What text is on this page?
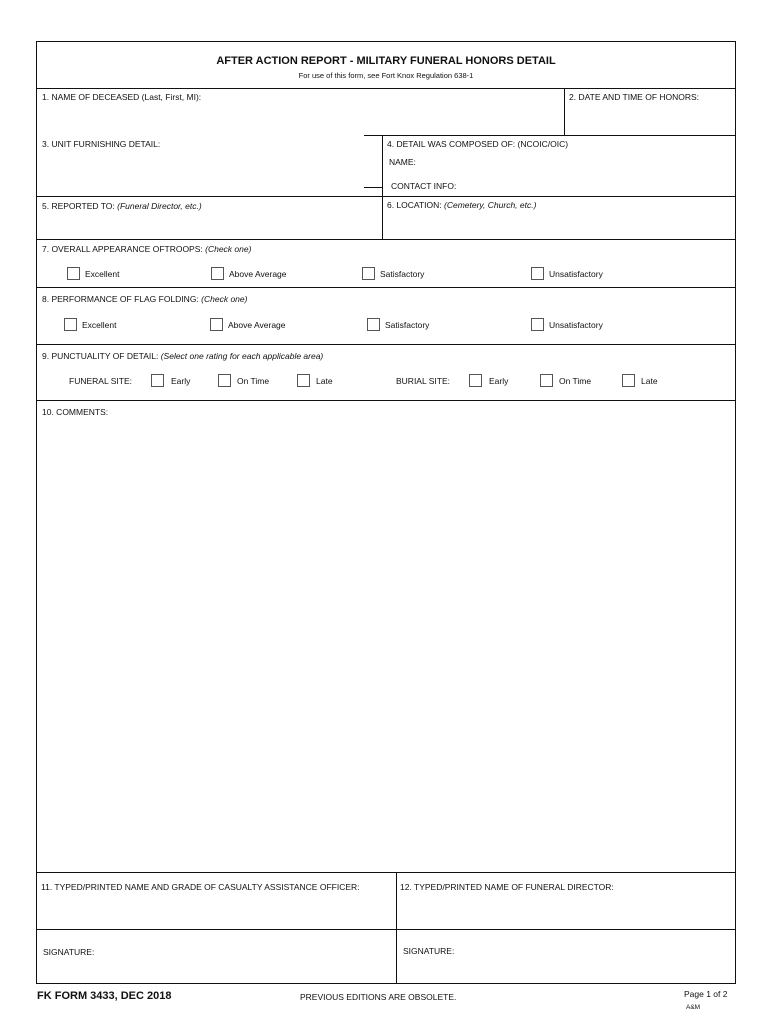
AFTER ACTION REPORT - MILITARY FUNERAL HONORS DETAIL
For use of this form, see Fort Knox Regulation 638-1
1. NAME OF DECEASED (Last, First, MI):	2. DATE AND TIME OF HONORS:
3. UNIT FURNISHING DETAIL:	4. DETAIL WAS COMPOSED OF: (NCOIC/OIC)
NAME:
CONTACT INFO:
5. REPORTED TO: (Funeral Director, etc.)	6. LOCATION: (Cemetery, Church, etc.)
7. OVERALL APPEARANCE OFTROOPS: (Check one)
Excellent	Above Average	Satisfactory	Unsatisfactory
8. PERFORMANCE OF FLAG FOLDING: (Check one)
Excellent	Above Average	Satisfactory	Unsatisfactory
9. PUNCTUALITY OF DETAIL: (Select one rating for each applicable area)
FUNERAL SITE:	Early	On Time	Late	BURIAL SITE:	Early	On Time	Late
10. COMMENTS:
11. TYPED/PRINTED NAME AND GRADE OF CASUALTY ASSISTANCE OFFICER:	12. TYPED/PRINTED NAME OF FUNERAL DIRECTOR:
SIGNATURE:	SIGNATURE:
FK FORM 3433, DEC 2018	PREVIOUS EDITIONS ARE OBSOLETE.	Page 1 of 2
A&M
